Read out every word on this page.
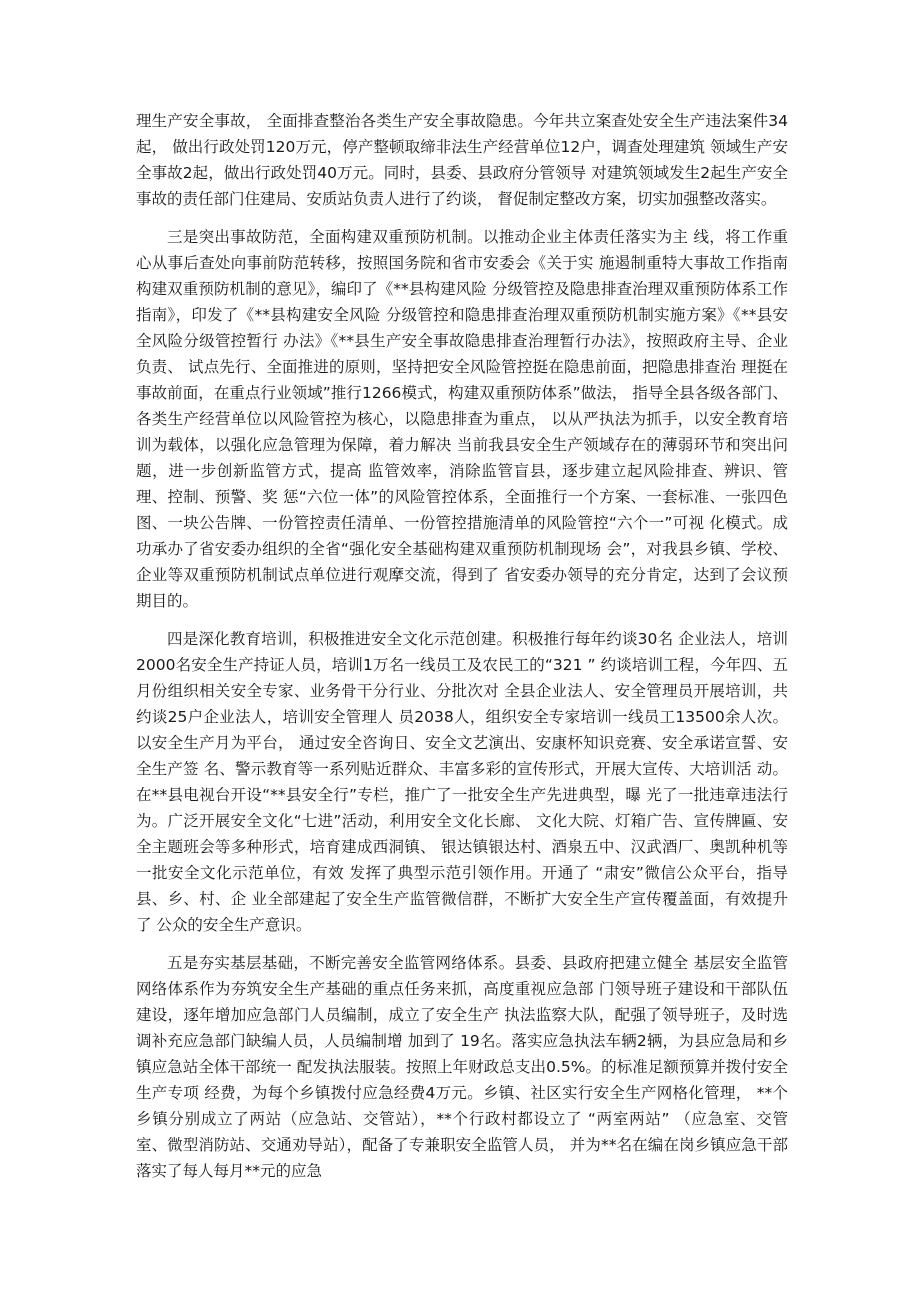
理生产安全事故， 全面排查整治各类生产安全事故隐患。今年共立案查处安全生产违法案件34起， 做出行政处罚120万元，停产整顿取缔非法生产经营单位12户，调查处理建筑 领域生产安全事故2起，做出行政处罚40万元。同时，县委、县政府分管领导 对建筑领域发生2起生产安全事故的责任部门住建局、安质站负责人进行了约谈， 督促制定整改方案，切实加强整改落实。

三是突出事故防范，全面构建双重预防机制。以推动企业主体责任落实为主 线，将工作重心从事后查处向事前防范转移，按照国务院和省市安委会《关于实 施遏制重特大事故工作指南构建双重预防机制的意见》，编印了《**县构建风险 分级管控及隐患排查治理双重预防体系工作指南》，印发了《**县构建安全风险 分级管控和隐患排查治理双重预防机制实施方案》《**县安全风险分级管控暂行 办法》《**县生产安全事故隐患排查治理暂行办法》，按照政府主导、企业负责、 试点先行、全面推进的原则，坚持把安全风险管控挺在隐患前面，把隐患排查治 理挺在事故前面，在重点行业领域”推行1266模式，构建双重预防体系”做法， 指导全县各级各部门、各类生产经营单位以风险管控为核心，以隐患排查为重点， 以从严执法为抓手，以安全教育培训为载体，以强化应急管理为保障，着力解决 当前我县安全生产领域存在的薄弱环节和突出问题，进一步创新监管方式，提高 监管效率，消除监管盲县，逐步建立起风险排查、辨识、管理、控制、预警、奖 惩“六位一体”的风险管控体系，全面推行一个方案、一套标准、一张四色图、一块公告牌、一份管控责任清单、一份管控措施清单的风险管控“六个一”可视 化模式。成功承办了省安委办组织的全省“强化安全基础构建双重预防机制现场 会”，对我县乡镇、学校、企业等双重预防机制试点单位进行观摩交流，得到了 省安委办领导的充分肯定，达到了会议预期目的。

四是深化教育培训，积极推进安全文化示范创建。积极推行每年约谈30名 企业法人，培训2000名安全生产持证人员，培训1万名一线员工及农民工的“321 ” 约谈培训工程，今年四、五月份组织相关安全专家、业务骨干分行业、分批次对 全县企业法人、安全管理员开展培训，共约谈25户企业法人，培训安全管理人 员2038人，组织安全专家培训一线员工13500余人次。以安全生产月为平台， 通过安全咨询日、安全文艺演出、安康杯知识竞赛、安全承诺宣誓、安全生产签 名、警示教育等一系列贴近群众、丰富多彩的宣传形式，开展大宣传、大培训活 动。在**县电视台开设“**县安全行”专栏，推广了一批安全生产先进典型，曝 光了一批违章违法行为。广泛开展安全文化“七进”活动，利用安全文化长廊、 文化大院、灯箱广告、宣传牌匾、安全主题班会等多种形式，培育建成西洞镇、 银达镇银达村、酒泉五中、汉武酒厂、奥凯种机等一批安全文化示范单位，有效 发挥了典型示范引领作用。开通了 “肃安”微信公众平台，指导县、乡、村、企 业全部建起了安全生产监管微信群，不断扩大安全生产宣传覆盖面，有效提升了 公众的安全生产意识。

五是夯实基层基础，不断完善安全监管网络体系。县委、县政府把建立健全 基层安全监管网络体系作为夯筑安全生产基础的重点任务来抓，高度重视应急部 门领导班子建设和干部队伍建设，逐年增加应急部门人员编制，成立了安全生产 执法监察大队，配强了领导班子，及时选调补充应急部门缺编人员，人员编制增 加到了 19名。落实应急执法车辆2辆，为县应急局和乡镇应急站全体干部统一 配发执法服装。按照上年财政总支出0.5%。的标准足额预算并拨付安全生产专项 经费，为每个乡镇拨付应急经费4万元。乡镇、社区实行安全生产网格化管理， **个乡镇分别成立了两站（应急站、交管站），**个行政村都设立了 “两室两站” （应急室、交管室、微型消防站、交通劝导站），配备了专兼职安全监管人员， 并为**名在编在岗乡镇应急干部落实了每人每月**元的应急
